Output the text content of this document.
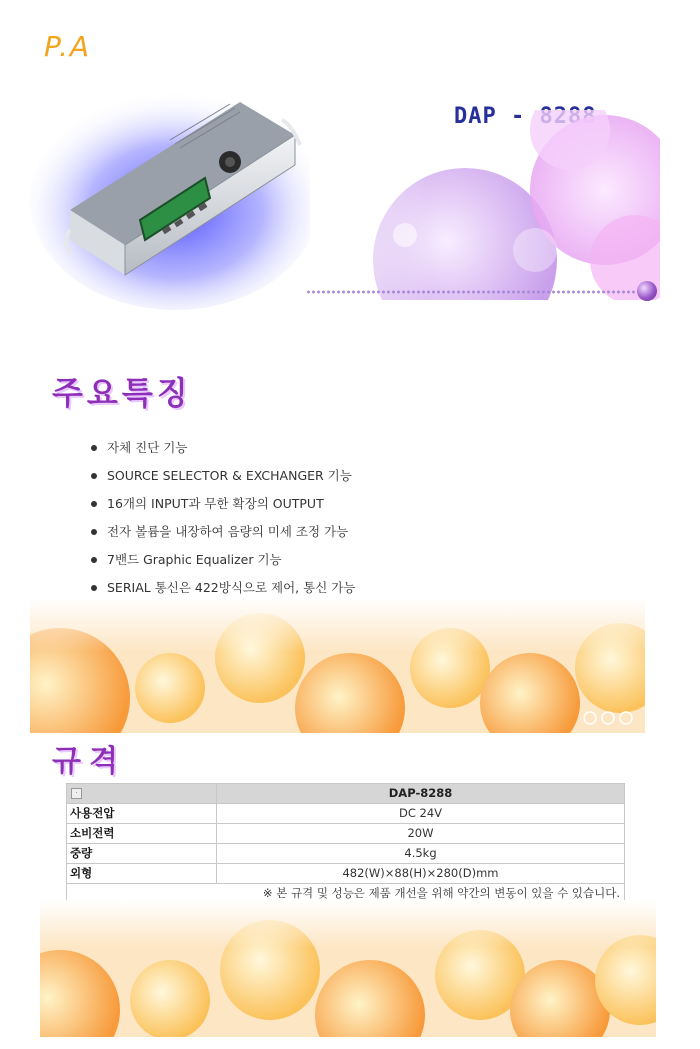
P.A
주요특징
자체 진단 기능
SOURCE SELECTOR & EXCHANGER 기능
16개의 INPUT과 무한 확장의 OUTPUT
전자 볼륨을 내장하여 음량의 미세 조정 가능
7밴드 Graphic Equalizer 기능
SERIAL 통신은 422방식으로 제어, 통신 가능
규격
·	DAP-8288
사용전압	DC 24V
소비전력	20W
중량	4.5kg
외형	482(W)×88(H)×280(D)mm
※ 본 규격 및 성능은 제품 개선을 위해 약간의 변동이 있을 수 있습니다.	
